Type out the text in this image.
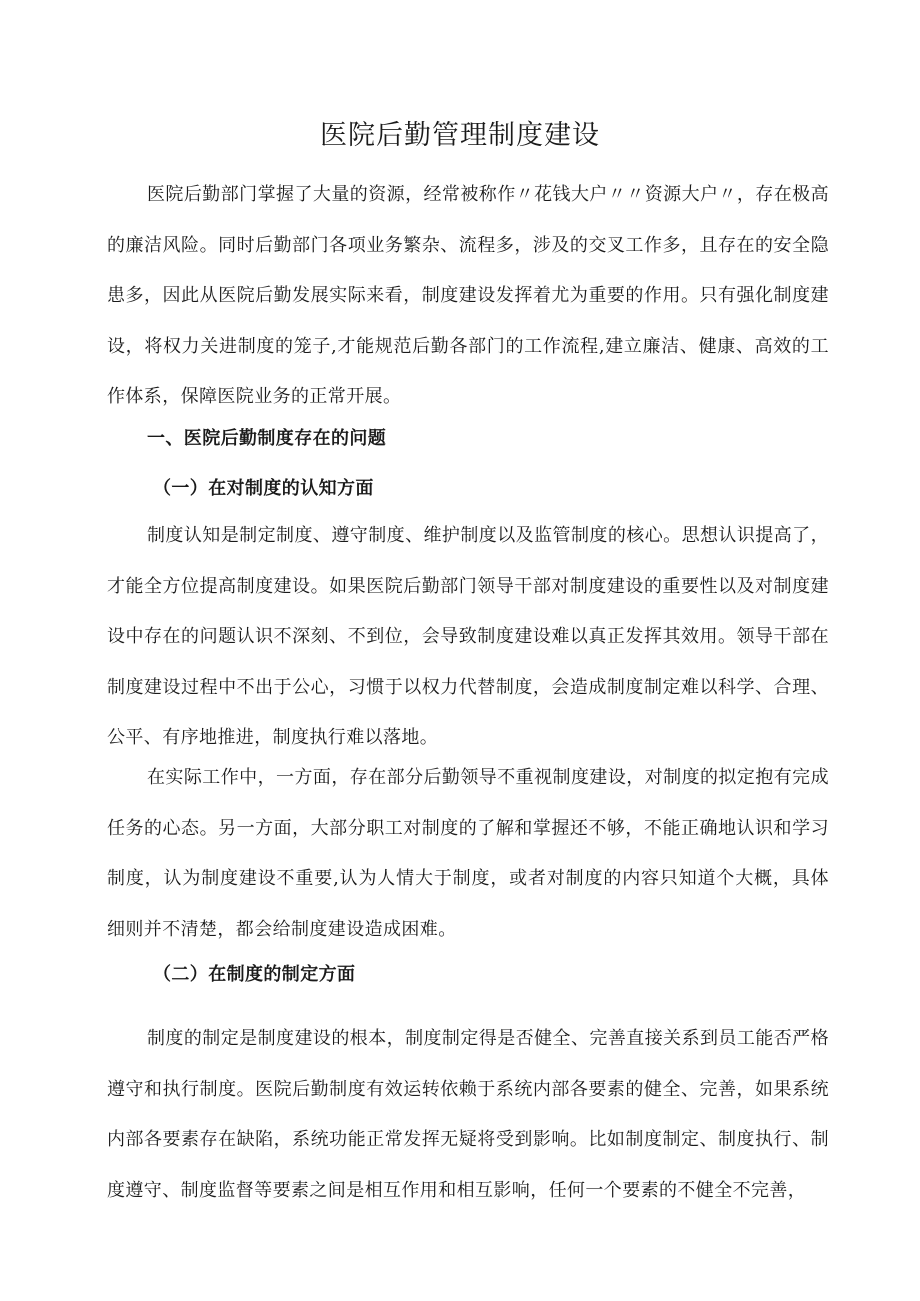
医院后勤管理制度建设

医院后勤部门掌握了大量的资源，经常被称作〃花钱大户〃〃资源大户〃，存在极高的廉洁风险。同时后勤部门各项业务繁杂、流程多，涉及的交叉工作多，且存在的安全隐患多，因此从医院后勤发展实际来看，制度建设发挥着尤为重要的作用。只有强化制度建设，将权力关进制度的笼子,才能规范后勤各部门的工作流程,建立廉洁、健康、高效的工作体系，保障医院业务的正常开展。

一、医院后勤制度存在的问题
（一）在对制度的认知方面

制度认知是制定制度、遵守制度、维护制度以及监管制度的核心。思想认识提高了，才能全方位提高制度建设。如果医院后勤部门领导干部对制度建设的重要性以及对制度建设中存在的问题认识不深刻、不到位，会导致制度建设难以真正发挥其效用。领导干部在制度建设过程中不出于公心，习惯于以权力代替制度，会造成制度制定难以科学、合理、公平、有序地推进，制度执行难以落地。

在实际工作中，一方面，存在部分后勤领导不重视制度建设，对制度的拟定抱有完成任务的心态。另一方面，大部分职工对制度的了解和掌握还不够，不能正确地认识和学习制度，认为制度建设不重要,认为人情大于制度，或者对制度的内容只知道个大概，具体细则并不清楚，都会给制度建设造成困难。

（二）在制度的制定方面

制度的制定是制度建设的根本，制度制定得是否健全、完善直接关系到员工能否严格遵守和执行制度。医院后勤制度有效运转依赖于系统内部各要素的健全、完善，如果系统内部各要素存在缺陷，系统功能正常发挥无疑将受到影响。比如制度制定、制度执行、制度遵守、制度监督等要素之间是相互作用和相互影响，任何一个要素的不健全不完善，
